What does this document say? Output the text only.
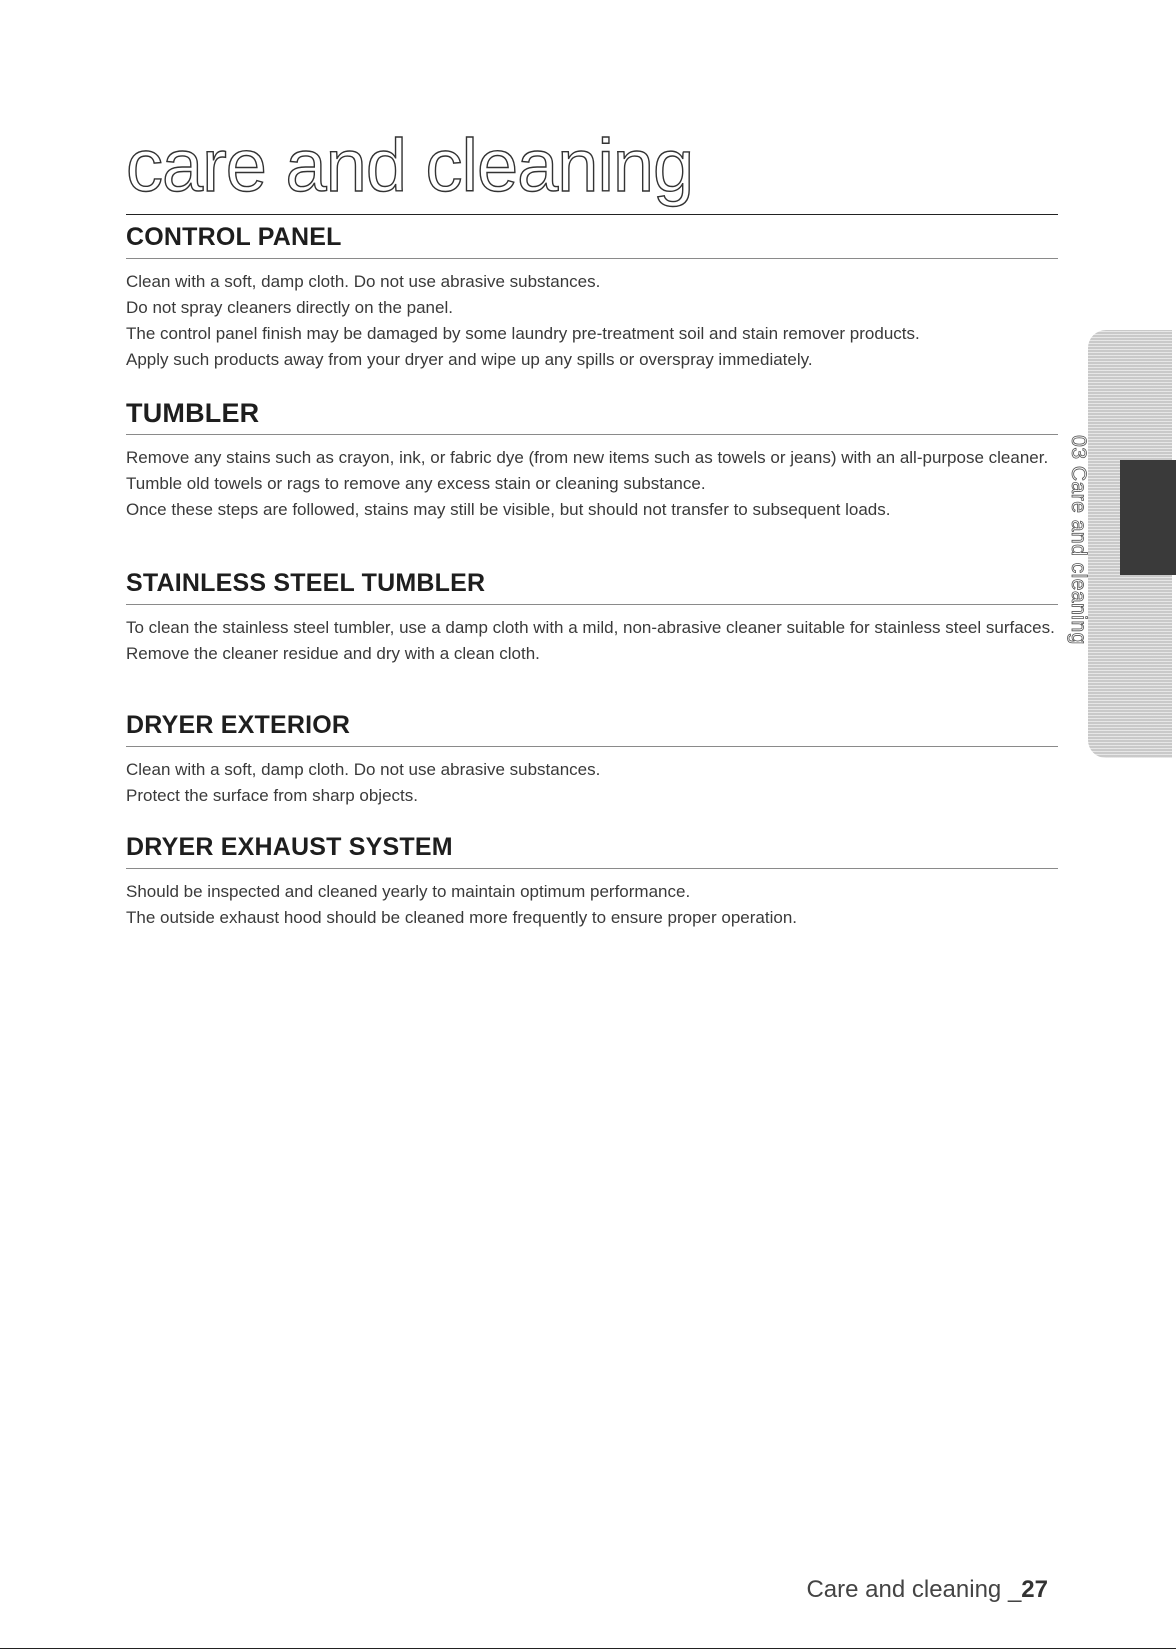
care and cleaning
CONTROL PANEL

Clean with a soft, damp cloth. Do not use abrasive substances.

Do not spray cleaners directly on the panel.

The control panel finish may be damaged by some laundry pre-treatment soil and stain remover products.

Apply such products away from your dryer and wipe up any spills or overspray immediately.

TUMBLER

Remove any stains such as crayon, ink, or fabric dye (from new items such as towels or jeans) with an all-purpose cleaner.

Tumble old towels or rags to remove any excess stain or cleaning substance.

Once these steps are followed, stains may still be visible, but should not transfer to subsequent loads.

STAINLESS STEEL TUMBLER

To clean the stainless steel tumbler, use a damp cloth with a mild, non-abrasive cleaner suitable for stainless steel surfaces.

Remove the cleaner residue and dry with a clean cloth.

DRYER EXTERIOR

Clean with a soft, damp cloth. Do not use abrasive substances.

Protect the surface from sharp objects.

DRYER EXHAUST SYSTEM

Should be inspected and cleaned yearly to maintain optimum performance.

The outside exhaust hood should be cleaned more frequently to ensure proper operation.

03 Care and cleaning
Care and cleaning _27
